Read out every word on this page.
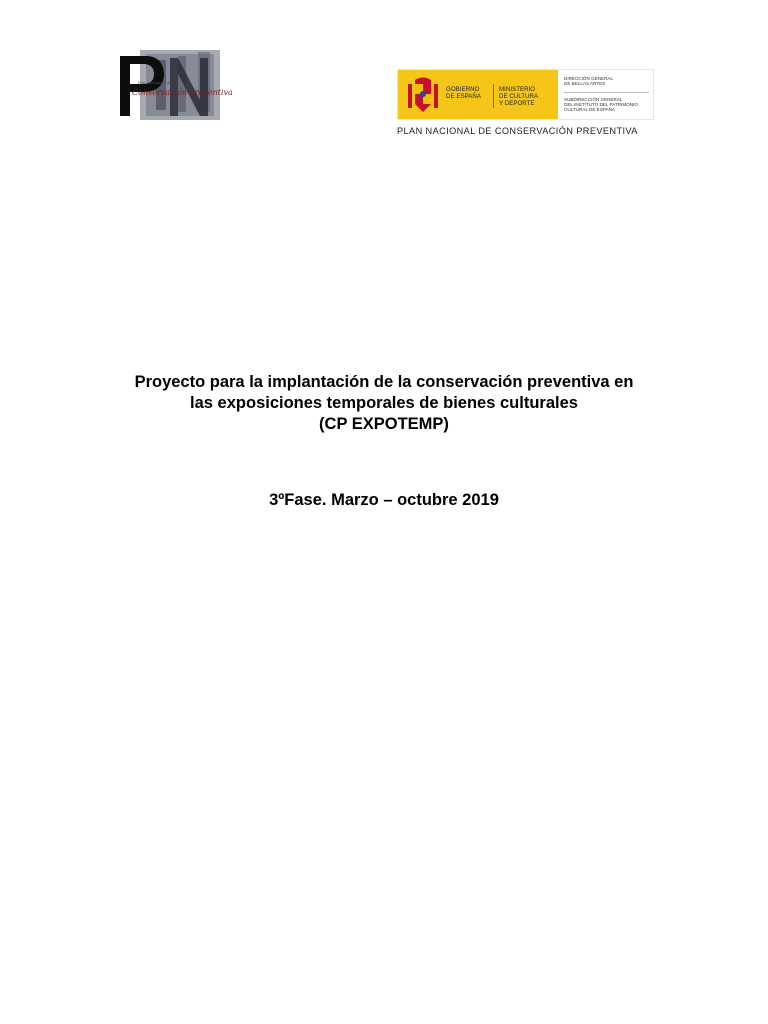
Plan Nacional de
Conservación preventiva	GOBIERNO
DE ESPAÑA
MINISTERIO
DE CULTURA
Y DEPORTE
DIRECCIÓN GENERAL
DE BELLAS ARTES
SUBDIRECCIÓN GENERAL
DEL INSTITUTO DEL PATRIMONIO
CULTURAL DE ESPAÑA
PLAN NACIONAL DE CONSERVACIÓN PREVENTIVA
Proyecto para la implantación de la conservación preventiva en
las exposiciones temporales de bienes culturales
(CP EXPOTEMP)
3ºFase. Marzo – octubre 2019
